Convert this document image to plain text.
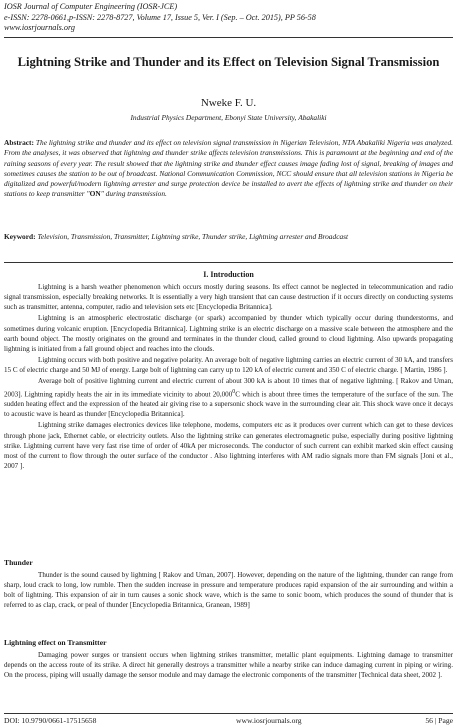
IOSR Journal of Computer Engineering (IOSR-JCE)
e-ISSN: 2278-0661,p-ISSN: 2278-8727, Volume 17, Issue 5, Ver. I (Sep. – Oct. 2015), PP 56-58
www.iosrjournals.org
Lightning Strike and Thunder and its Effect on Television Signal Transmission
Nweke F. U.
Industrial Physics Department, Ebonyi State University, Abakaliki
Abstract: The lightning strike and thunder and its effect on television signal transmission in Nigerian Television, NTA Abakaliki Nigeria was analyzed. From the analyses, it was observed that lightning and thunder strike affects television transmissions. This is paramount at the beginning and end of the raining seasons of every year. The result showed that the lightning strike and thunder effect causes image fading lost of signal, breaking of images and sometimes causes the station to be out of broadcast. National Communication Commission, NCC should ensure that all television stations in Nigeria be digitalized and powerful/modern lightning arrester and surge protection device be installed to avert the effects of lightning strike and thunder on their stations to keep transmitter "ON" during transmission.
Keyword: Television, Transmission, Transmitter, Lightning strike, Thunder strike, Lightning arrester and Broadcast
I. Introduction

Lightning is a harsh weather phenomenon which occurs mostly during seasons. Its effect cannot be neglected in telecommunication and radio signal transmission, especially breaking networks. It is essentially a very high transient that can cause destruction if it occurs directly on conducting systems such as transmitter, antenna, computer, radio and television sets etc [Encyclopedia Britannica].

Lightning is an atmospheric electrostatic discharge (or spark) accompanied by thunder which typically occur during thunderstorms, and sometimes during volcanic eruption. [Encyclopedia Britannica]. Lightning strike is an electric discharge on a massive scale between the atmosphere and the earth bound object. The mostly originates on the ground and terminates in the thunder cloud, called ground to cloud lightning. Also upwards propagating lightning is initiated from a fall ground object and reaches into the clouds.

Lightning occurs with both positive and negative polarity. An average bolt of negative lightning carries an electric current of 30 kA, and transfers 15 C of electric charge and 50 MJ of energy. Large bolt of lightning can carry up to 120 kA of electric current and 350 C of electric charge. [ Martin, 1986 ].

Average bolt of positive lightning current and electric current of about 300 kA is about 10 times that of negative lightning. [ Rakov and Uman, 2003]. Lightning rapidly heats the air in its immediate vicinity to about 20,000$^0$C which is about three times the temperature of the surface of the sun. The sudden heating effect and the expression of the heated air giving rise to a supersonic shock wave in the surrounding clear air. This shock wave once it decays to acoustic wave is heard as thunder [Encyclopedia Britannica].

Lightning strike damages electronics devices like telephone, modems, computers etc as it produces over current which can get to these devices through phone jack, Ethernet cable, or electricity outlets. Also the lightning strike can generates electromagnetic pulse, especially during positive lightning strike. Lightning current have very fast rise time of order of 40kA per microseconds. The conductor of such current can exhibit marked skin effect causing most of the current to flow through the outer surface of the conductor . Also lightning interferes with AM radio signals more than FM signals [Joni et al., 2007 ].

Thunder

Thunder is the sound caused by lightning [ Rakov and Uman, 2007]. However, depending on the nature of the lightning, thunder can range from sharp, loud crack to long, low rumble. Then the sudden increase in pressure and temperature produces rapid expansion of the air surrounding and within a bolt of lightning. This expansion of air in turn causes a sonic shock wave, which is the same to sonic boom, which produces the sound of thunder that is referred to as clap, crack, or peal of thunder [Encyclopedia Britannica, Granean, 1989]

Lightning effect on Transmitter

Damaging power surges or transient occurs when lightning strikes transmitter, metallic plant equipments. Lightning damage to transmitter depends on the access route of its strike. A direct hit generally destroys a transmitter while a nearby strike can induce damaging current in piping or wiring. On the process, piping will usually damage the sensor module and may damage the electronic components of the transmitter [Technical data sheet, 2002 ].

DOI: 10.9790/0661-17515658	www.iosrjournals.org	56 | Page
